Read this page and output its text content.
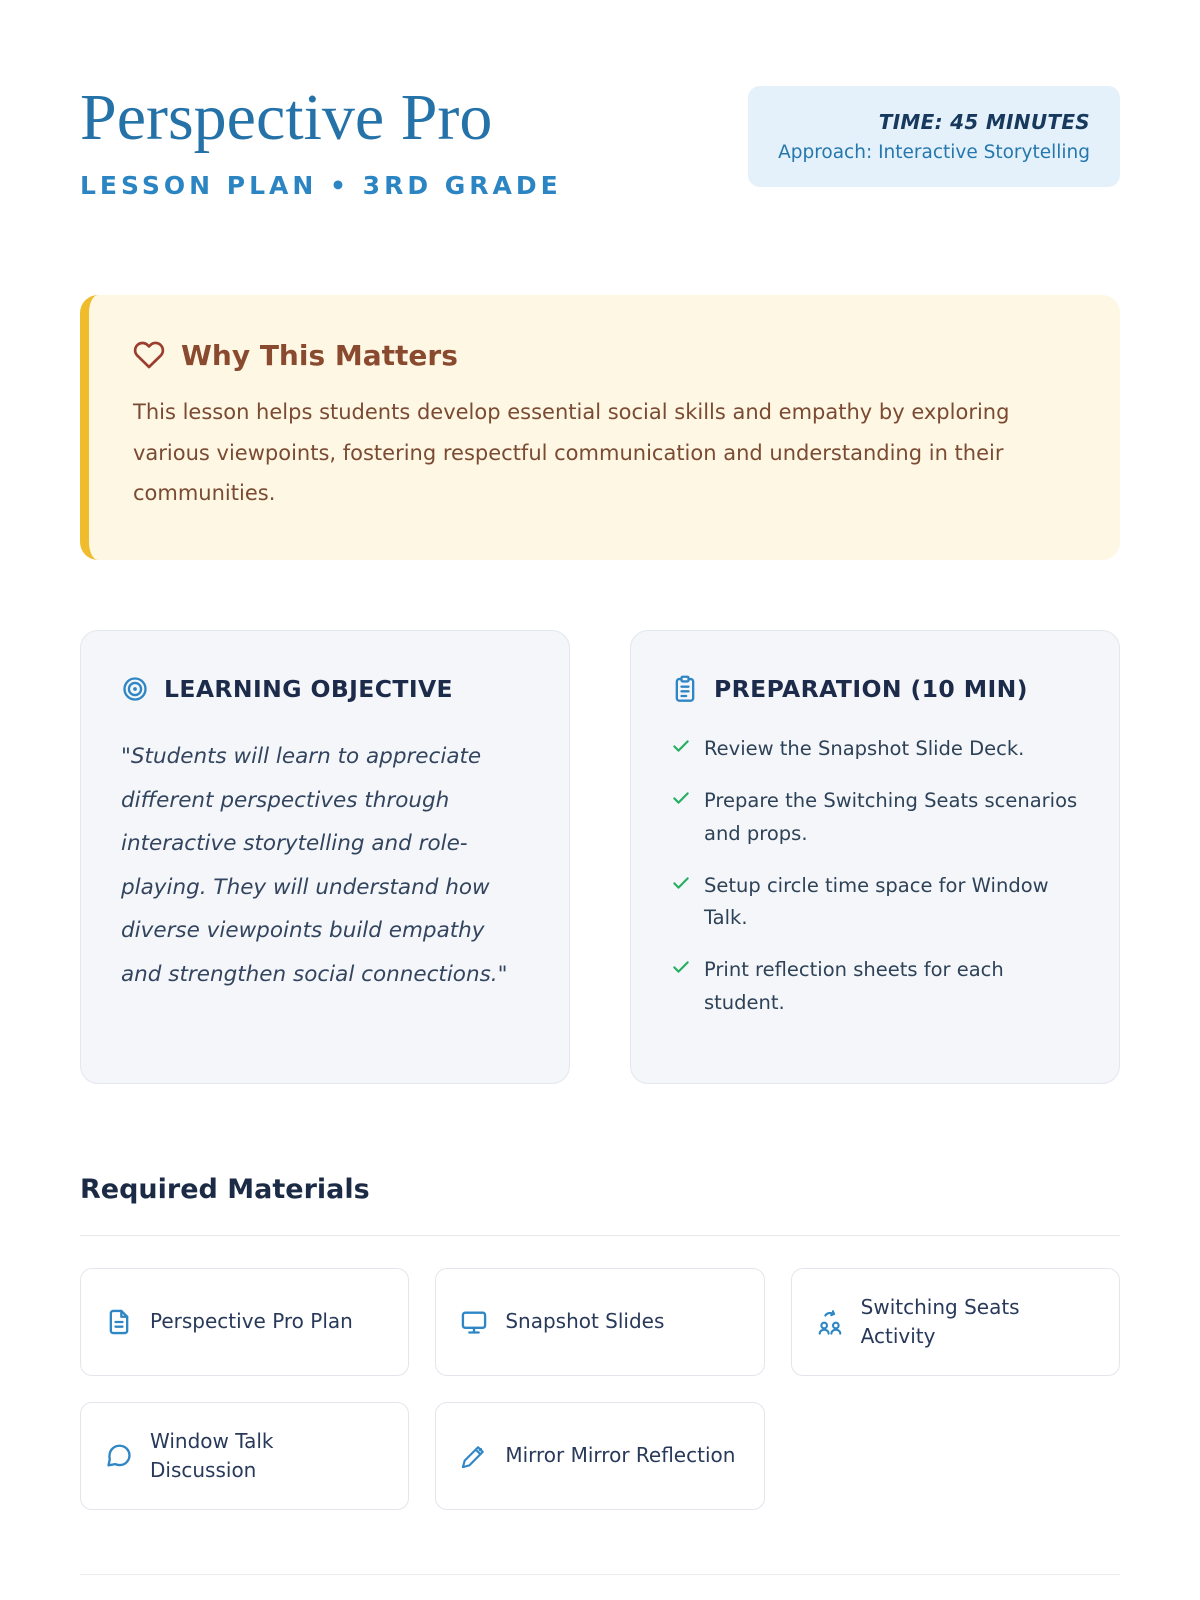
Perspective Pro
LESSON PLAN • 3RD GRADE
TIME: 45 MINUTES
Approach: Interactive Storytelling
Why This Matters
This lesson helps students develop essential social skills and empathy by exploring various viewpoints, fostering respectful communication and understanding in their communities.
LEARNING OBJECTIVE
"Students will learn to appreciate different perspectives through interactive storytelling and role-playing. They will understand how diverse viewpoints build empathy and strengthen social connections."
PREPARATION (10 MIN)
Review the Snapshot Slide Deck.
Prepare the Switching Seats scenarios and props.
Setup circle time space for Window Talk.
Print reflection sheets for each student.
Required Materials
Perspective Pro Plan	Snapshot Slides
Switching Seats Activity
Window Talk Discussion
Mirror Mirror Reflection
